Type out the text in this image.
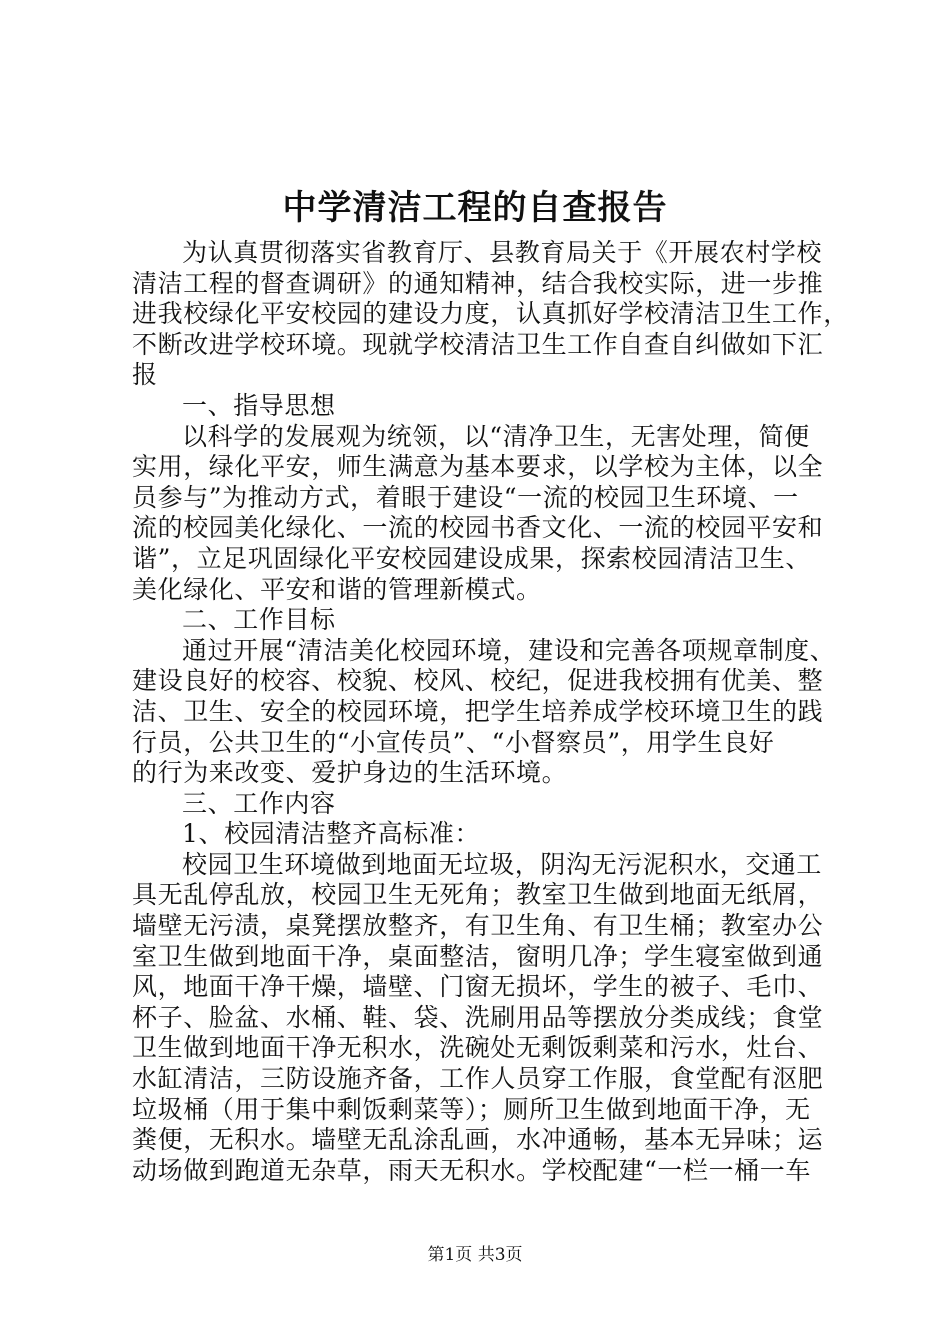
中学清洁工程的自查报告
为认真贯彻落实省教育厅、县教育局关于《开展农村学校
清洁工程的督查调研》的通知精神，结合我校实际，进一步推
进我校绿化平安校园的建设力度，认真抓好学校清洁卫生工作，
不断改进学校环境。现就学校清洁卫生工作自查自纠做如下汇
报
一、指导思想
以科学的发展观为统领，以“清净卫生，无害处理，简便
实用，绿化平安，师生满意为基本要求，以学校为主体，以全
员参与”为推动方式，着眼于建设“一流的校园卫生环境、一
流的校园美化绿化、一流的校园书香文化、一流的校园平安和
谐”，立足巩固绿化平安校园建设成果，探索校园清洁卫生、
美化绿化、平安和谐的管理新模式。
二、工作目标
通过开展“清洁美化校园环境，建设和完善各项规章制度、
建设良好的校容、校貌、校风、校纪，促进我校拥有优美、整
洁、卫生、安全的校园环境，把学生培养成学校环境卫生的践
行员，公共卫生的“小宣传员”、“小督察员”，用学生良好
的行为来改变、爱护身边的生活环境。
三、工作内容
1、校园清洁整齐高标准：
校园卫生环境做到地面无垃圾，阴沟无污泥积水，交通工
具无乱停乱放，校园卫生无死角；教室卫生做到地面无纸屑，
墙壁无污渍，桌凳摆放整齐，有卫生角、有卫生桶；教室办公
室卫生做到地面干净，桌面整洁，窗明几净；学生寝室做到通
风，地面干净干燥，墙壁、门窗无损坏，学生的被子、毛巾、
杯子、脸盆、水桶、鞋、袋、洗刷用品等摆放分类成线；食堂
卫生做到地面干净无积水，洗碗处无剩饭剩菜和污水，灶台、
水缸清洁，三防设施齐备，工作人员穿工作服，食堂配有沤肥
垃圾桶（用于集中剩饭剩菜等）；厕所卫生做到地面干净，无
粪便，无积水。墙壁无乱涂乱画，水冲通畅，基本无异味；运
动场做到跑道无杂草，雨天无积水。学校配建“一栏一桶一车
第1页 共3页
